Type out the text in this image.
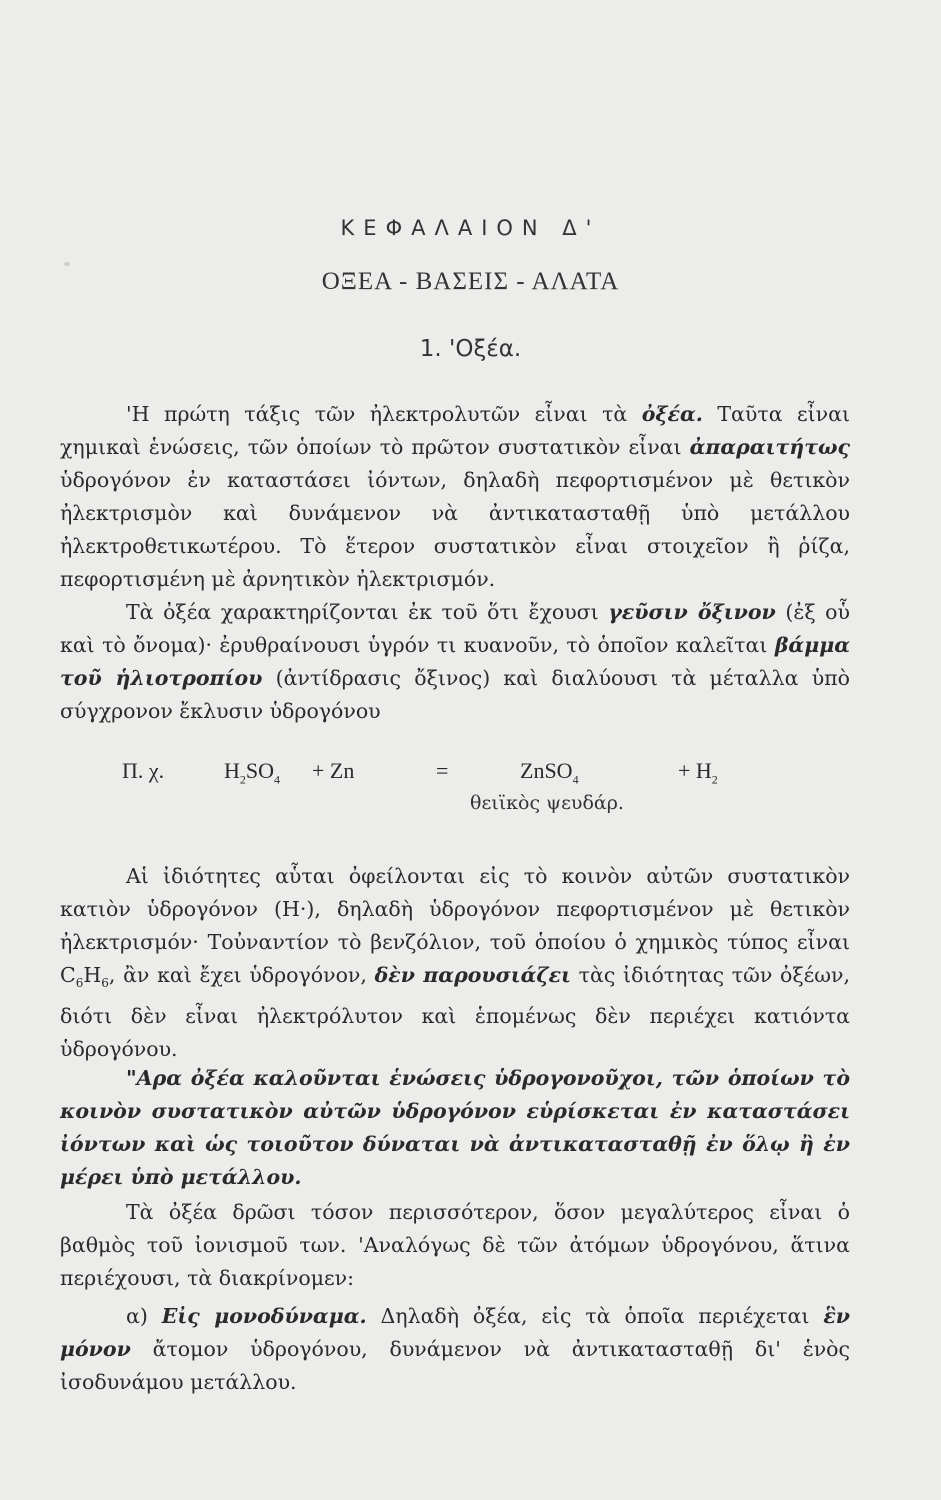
ΚΕΦΑΛΑΙΟΝ Δ'
ΟΞΕΑ - ΒΑΣΕΙΣ - ΑΛΑΤΑ
1. 'Οξέα.
'Η πρώτη τάξις τῶν ἠλεκτρολυτῶν εἶναι τὰ ὀξέα. Ταῦτα εἶναι χημικαὶ ἑνώσεις, τῶν ὁποίων τὸ πρῶτον συστατικὸν εἶναι ἀπαραιτήτως ὑδρογόνον ἐν καταστάσει ἰόντων, δηλαδὴ πεφορτισμένον μὲ θετικὸν ἠλεκτρισμὸν καὶ δυνάμενον νὰ ἀντικατασταθῇ ὑπὸ μετάλλου ἠλεκτροθετικωτέρου. Τὸ ἕτερον συστατικὸν εἶναι στοιχεῖον ἢ ῥίζα, πεφορτισμένη μὲ ἀρνητικὸν ἠλεκτρισμόν.
Τὰ ὀξέα χαρακτηρίζονται ἐκ τοῦ ὅτι ἔχουσι γεῦσιν ὄξινον (ἐξ οὗ καὶ τὸ ὄνομα)· ἐρυθραίνουσι ὑγρόν τι κυανοῦν, τὸ ὁποῖον καλεῖται βάμμα τοῦ ἡλιοτροπίου (ἀντίδρασις ὄξινος) καὶ διαλύουσι τὰ μέταλλα ὑπὸ σύγχρονον ἔκλυσιν ὑδρογόνου
Π. χ.	$H_2SO_4 + Zn$	=	ZnSO$_4$	+ $H_2$
θειϊκὸς ψευδάρ.
Αἱ ἰδιότητες αὗται ὀφείλονται εἰς τὸ κοινὸν αὐτῶν συστατικὸν κατιὸν ὑδρογόνον (H·), δηλαδὴ ὑδρογόνον πεφορτισμένον μὲ θετικὸν ἠλεκτρισμόν· Τοὐναντίον τὸ βενζόλιον, τοῦ ὁποίου ὁ χημικὸς τύπος εἶναι $C_6H_6$, ἂν καὶ ἔχει ὑδρογόνον, δὲν παρουσιάζει τὰς ἰδιότητας τῶν ὀξέων, διότι δὲν εἶναι ἠλεκτρόλυτον καὶ ἑπομένως δὲν περιέχει κατιόντα ὑδρογόνου.
"Αρα ὀξέα καλοῦνται ἑνώσεις ὑδρογονοῦχοι, τῶν ὁποίων τὸ κοινὸν συστατικὸν αὐτῶν ὑδρογόνον εὑρίσκεται ἐν καταστάσει ἰόντων καὶ ὡς τοιοῦτον δύναται νὰ ἀντικατασταθῇ ἐν ὅλῳ ἢ ἐν μέρει ὑπὸ μετάλλου.
Τὰ ὀξέα δρῶσι τόσον περισσότερον, ὅσον μεγαλύτερος εἶναι ὁ βαθμὸς τοῦ ἰονισμοῦ των. 'Αναλόγως δὲ τῶν ἀτόμων ὑδρογόνου, ἅτινα περιέχουσι, τὰ διακρίνομεν:
α) Εἰς μονοδύναμα. Δηλαδὴ ὀξέα, εἰς τὰ ὁποῖα περιέχεται ἓν μόνον ἄτομον ὑδρογόνου, δυνάμενον νὰ ἀντικατασταθῇ δι' ἑνὸς ἰσοδυνάμου μετάλλου.
